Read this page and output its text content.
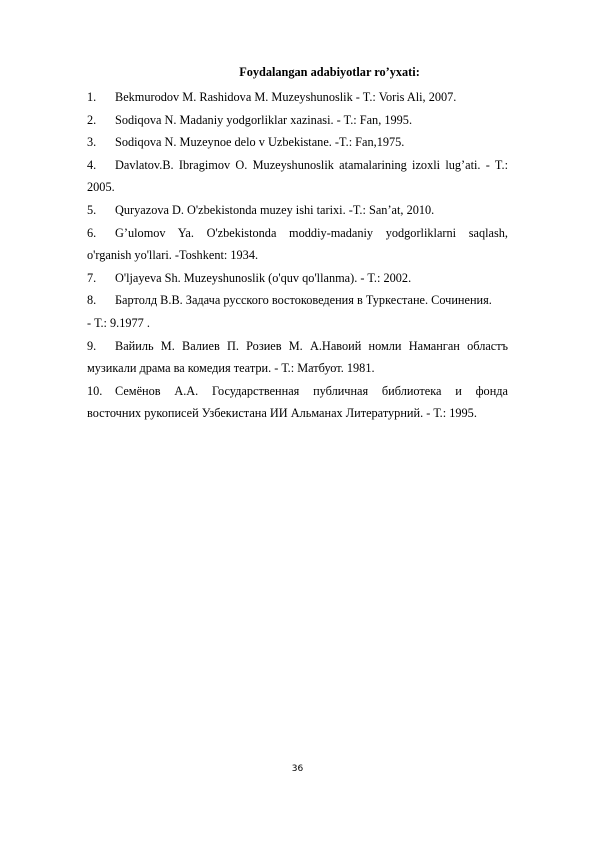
Foydalangan adabiyotlar ro’yxati:
1. Bekmurodov M. Rashidova M. Muzeyshunoslik - T.: Voris Ali, 2007.
2. Sodiqova N. Madaniy yodgorliklar xazinasi. - T.: Fan, 1995.
3. Sodiqova N. Muzeynoe delo v Uzbekistane. -T.: Fan,1975.
4. Davlatov.B. Ibragimov O. Muzeyshunoslik atamalarining izoxli lug’ati. - T.:
2005.
5. Quryazova D. O'zbekistonda muzey ishi tarixi. -T.: San’at, 2010.
6. G’ulomov Ya. O'zbekistonda moddiy-madaniy yodgorliklarni saqlash,
o'rganish yo'llari. -Toshkent: 1934.
7. O'ljayeva Sh. Muzeyshunoslik (o'quv qo'llanma). - T.: 2002.
8. Бартолд В.В. Задача русского востоковедения в Туркестане. Сочинения.
- Т.: 9.1977 .
9. Вайиль М. Валиев П. Розиев М. А.Навоий номли Наманган областъ
музикали драма ва комедия театри. - Т.: Матбуот. 1981.
10. Семёнов А.А. Государственная публичная библиотека и фонда
восточних рукописей Узбекистана ИИ Альманах Литературний. - Т.: 1995.
36
